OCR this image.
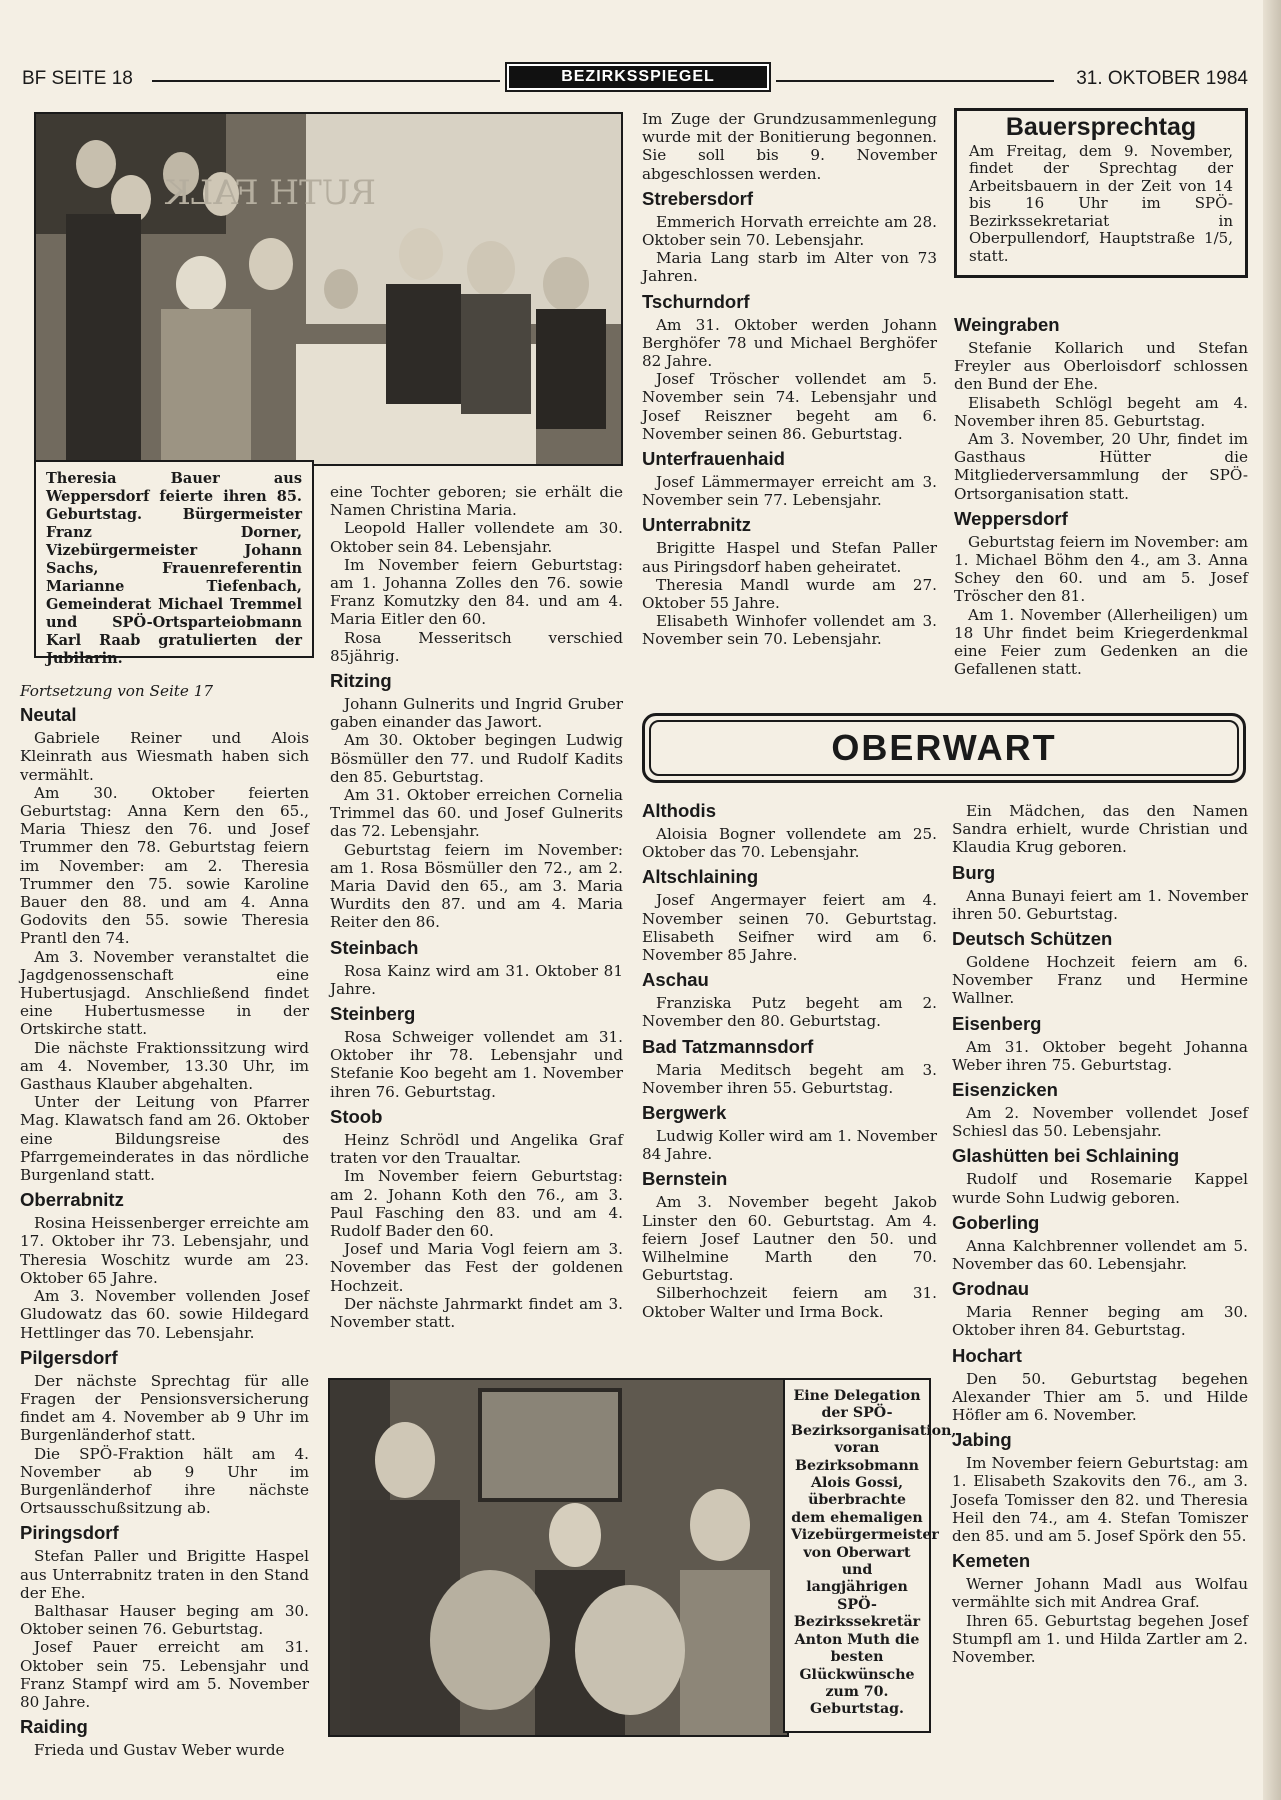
BF SEITE 18	BEZIRKSSPIEGEL	31. OKTOBER 1984
RUTH FALK
Theresia Bauer aus Weppersdorf feierte ihren 85. Geburtstag. Bürgermeister Franz Dorner, Vizebürgermeister Johann Sachs, Frauenreferentin Marianne Tiefenbach, Gemeinderat Michael Tremmel und SPÖ-Ortsparteiobmann Karl Raab gratulierten der Jubilarin.
Bauersprechtag

Am Freitag, dem 9. November, findet der Sprechtag der Arbeitsbauern in der Zeit von 14 bis 16 Uhr im SPÖ-Bezirkssekretariat in Oberpullendorf, Hauptstraße 1/5, statt.

OBERWART
Eine Delegation der SPÖ-Bezirksorganisation, voran Bezirksobmann Alois Gossi, überbrachte dem ehemaligen Vizebürgermeister von Oberwart und langjährigen SPÖ-Bezirkssekretär Anton Muth die besten Glückwünsche zum 70. Geburtstag.

Fortsetzung von Seite 17

Neutal

Gabriele Reiner und Alois Kleinrath aus Wiesmath haben sich vermählt.

Am 30. Oktober feierten Geburtstag: Anna Kern den 65., Maria Thiesz den 76. und Josef Trummer den 78. Geburtstag feiern im November: am 2. Theresia Trummer den 75. sowie Karoline Bauer den 88. und am 4. Anna Godovits den 55. sowie Theresia Prantl den 74.

Am 3. November veranstaltet die Jagdgenossenschaft eine Hubertusjagd. Anschließend findet eine Hubertusmesse in der Ortskirche statt.

Die nächste Fraktionssitzung wird am 4. November, 13.30 Uhr, im Gasthaus Klauber abgehalten.

Unter der Leitung von Pfarrer Mag. Klawatsch fand am 26. Oktober eine Bildungsreise des Pfarrgemeinderates in das nördliche Burgenland statt.

Oberrabnitz

Rosina Heissenberger erreichte am 17. Oktober ihr 73. Lebensjahr, und Theresia Woschitz wurde am 23. Oktober 65 Jahre.

Am 3. November vollenden Josef Gludowatz das 60. sowie Hildegard Hettlinger das 70. Lebensjahr.

Pilgersdorf

Der nächste Sprechtag für alle Fragen der Pensionsversicherung findet am 4. November ab 9 Uhr im Burgenländerhof statt.

Die SPÖ-Fraktion hält am 4. November ab 9 Uhr im Burgenländerhof ihre nächste Ortsausschußsitzung ab.

Piringsdorf

Stefan Paller und Brigitte Haspel aus Unterrabnitz traten in den Stand der Ehe.

Balthasar Hauser beging am 30. Oktober seinen 76. Geburtstag.

Josef Pauer erreicht am 31. Oktober sein 75. Lebensjahr und Franz Stampf wird am 5. November 80 Jahre.

Raiding

Frieda und Gustav Weber wurde

eine Tochter geboren; sie erhält die Namen Christina Maria.

Leopold Haller vollendete am 30. Oktober sein 84. Lebensjahr.

Im November feiern Geburtstag: am 1. Johanna Zolles den 76. sowie Franz Komutzky den 84. und am 4. Maria Eitler den 60.

Rosa Messeritsch verschied 85jährig.

Ritzing

Johann Gulnerits und Ingrid Gruber gaben einander das Jawort.

Am 30. Oktober begingen Ludwig Bösmüller den 77. und Rudolf Kadits den 85. Geburtstag.

Am 31. Oktober erreichen Cornelia Trimmel das 60. und Josef Gulnerits das 72. Lebensjahr.

Geburtstag feiern im November: am 1. Rosa Bösmüller den 72., am 2. Maria David den 65., am 3. Maria Wurdits den 87. und am 4. Maria Reiter den 86.

Steinbach

Rosa Kainz wird am 31. Oktober 81 Jahre.

Steinberg

Rosa Schweiger vollendet am 31. Oktober ihr 78. Lebensjahr und Stefanie Koo begeht am 1. November ihren 76. Geburtstag.

Stoob

Heinz Schrödl und Angelika Graf traten vor den Traualtar.

Im November feiern Geburtstag: am 2. Johann Koth den 76., am 3. Paul Fasching den 83. und am 4. Rudolf Bader den 60.

Josef und Maria Vogl feiern am 3. November das Fest der goldenen Hochzeit.

Der nächste Jahrmarkt findet am 3. November statt.

Im Zuge der Grundzusammenlegung wurde mit der Bonitierung begonnen. Sie soll bis 9. November abgeschlossen werden.

Strebersdorf

Emmerich Horvath erreichte am 28. Oktober sein 70. Lebensjahr.

Maria Lang starb im Alter von 73 Jahren.

Tschurndorf

Am 31. Oktober werden Johann Berghöfer 78 und Michael Berghöfer 82 Jahre.

Josef Tröscher vollendet am 5. November sein 74. Lebensjahr und Josef Reiszner begeht am 6. November seinen 86. Geburtstag.

Unterfrauenhaid

Josef Lämmermayer erreicht am 3. November sein 77. Lebensjahr.

Unterrabnitz

Brigitte Haspel und Stefan Paller aus Piringsdorf haben geheiratet.

Theresia Mandl wurde am 27. Oktober 55 Jahre.

Elisabeth Winhofer vollendet am 3. November sein 70. Lebensjahr.

Weingraben

Stefanie Kollarich und Stefan Freyler aus Oberloisdorf schlossen den Bund der Ehe.

Elisabeth Schlögl begeht am 4. November ihren 85. Geburtstag.

Am 3. November, 20 Uhr, findet im Gasthaus Hütter die Mitgliederversammlung der SPÖ-Ortsorganisation statt.

Weppersdorf

Geburtstag feiern im November: am 1. Michael Böhm den 4., am 3. Anna Schey den 60. und am 5. Josef Tröscher den 81.

Am 1. November (Allerheiligen) um 18 Uhr findet beim Kriegerdenkmal eine Feier zum Gedenken an die Gefallenen statt.

Althodis

Aloisia Bogner vollendete am 25. Oktober das 70. Lebensjahr.

Altschlaining

Josef Angermayer feiert am 4. November seinen 70. Geburtstag. Elisabeth Seifner wird am 6. November 85 Jahre.

Aschau

Franziska Putz begeht am 2. November den 80. Geburtstag.

Bad Tatzmannsdorf

Maria Meditsch begeht am 3. November ihren 55. Geburtstag.

Bergwerk

Ludwig Koller wird am 1. November 84 Jahre.

Bernstein

Am 3. November begeht Jakob Linster den 60. Geburtstag. Am 4. feiern Josef Lautner den 50. und Wilhelmine Marth den 70. Geburtstag.

Silberhochzeit feiern am 31. Oktober Walter und Irma Bock.

Ein Mädchen, das den Namen Sandra erhielt, wurde Christian und Klaudia Krug geboren.

Burg

Anna Bunayi feiert am 1. November ihren 50. Geburtstag.

Deutsch Schützen

Goldene Hochzeit feiern am 6. November Franz und Hermine Wallner.

Eisenberg

Am 31. Oktober begeht Johanna Weber ihren 75. Geburtstag.

Eisenzicken

Am 2. November vollendet Josef Schiesl das 50. Lebensjahr.

Glashütten bei Schlaining

Rudolf und Rosemarie Kappel wurde Sohn Ludwig geboren.

Goberling

Anna Kalchbrenner vollendet am 5. November das 60. Lebensjahr.

Grodnau

Maria Renner beging am 30. Oktober ihren 84. Geburtstag.

Hochart

Den 50. Geburtstag begehen Alexander Thier am 5. und Hilde Höfler am 6. November.

Jabing

Im November feiern Geburtstag: am 1. Elisabeth Szakovits den 76., am 3. Josefa Tomisser den 82. und Theresia Heil den 74., am 4. Stefan Tomiszer den 85. und am 5. Josef Spörk den 55.

Kemeten

Werner Johann Madl aus Wolfau vermählte sich mit Andrea Graf.

Ihren 65. Geburtstag begehen Josef Stumpfl am 1. und Hilda Zartler am 2. November.
